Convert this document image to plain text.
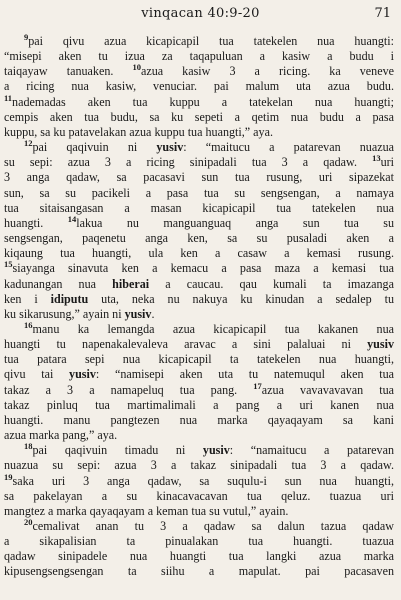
vinqacan 40:9-20	71
$^9$pai qivu azua kicapicapil tua tatekelen nua huangti:
“misepi aken tu izua za taqapuluan a kasiw a budu i
taiqayaw tanuaken. $^{10}$azua kasiw 3 a ricing. ka veneve
a ricing nua kasiw, venuciar. pai malum uta azua budu.
$^{11}$nademadas aken tua kuppu a tatekelan nua huangti;
cempis aken tua budu, sa ku sepeti a qetim nua budu a pasa
kuppu, sa ku patavelakan azua kuppu tua huangti,” aya.
$^{12}$pai qaqivuin ni yusiv: “maitucu a patarevan nuazua
su sepi: azua 3 a ricing sinipadali tua 3 a qadaw. $^{13}$uri
3 anga qadaw, sa pacasavi sun tua rusung, uri sipazekat
sun, sa su pacikeli a pasa tua su sengsengan, a namaya
tua sitaisangasan a masan kicapicapil tua tatekelen nua
huangti. $^{14}$lakua nu manguanguaq anga sun tua su
sengsengan, paqenetu anga ken, sa su pusaladi aken a
kiqaung tua huangti, ula ken a casaw a kemasi rusung.
$^{15}$siayanga sinavuta ken a kemacu a pasa maza a kemasi tua
kadunangan nua hiberai a caucau. qau kumali ta imazanga
ken i idiputu uta, neka nu nakuya ku kinudan a sedalep tu
ku sikarusung,” ayain ni yusiv.
$^{16}$manu ka lemangda azua kicapicapil tua kakanen nua
huangti tu napenakalevaleva aravac a sini palaluai ni yusiv
tua patara sepi nua kicapicapil ta tatekelen nua huangti,
qivu tai yusiv: “namisepi aken uta tu natemuqul aken tua
takaz a 3 a namapeluq tua pang. $^{17}$azua vavavavavan tua
takaz pinluq tua martimalimali a pang a uri kanen nua
huangti. manu pangtezen nua marka qayaqayam sa kani
azua marka pang,” aya.
$^{18}$pai qaqivuin timadu ni yusiv: “namaitucu a patarevan
nuazua su sepi: azua 3 a takaz sinipadali tua 3 a qadaw.
$^{19}$saka uri 3 anga qadaw, sa suqulu-i sun nua huangti,
sa pakelayan a su kinacavacavan tua qeluz. tuazua uri
mangtez a marka qayaqayam a keman tua su vutul,” ayain.
$^{20}$cemalivat anan tu 3 a qadaw sa dalun tazua qadaw
a sikapalisian ta pinualakan tua huangti. tuazua
qadaw sinipadele nua huangti tua langki azua marka
kipusengsengsengan ta siihu a mapulat. pai pacasaven
